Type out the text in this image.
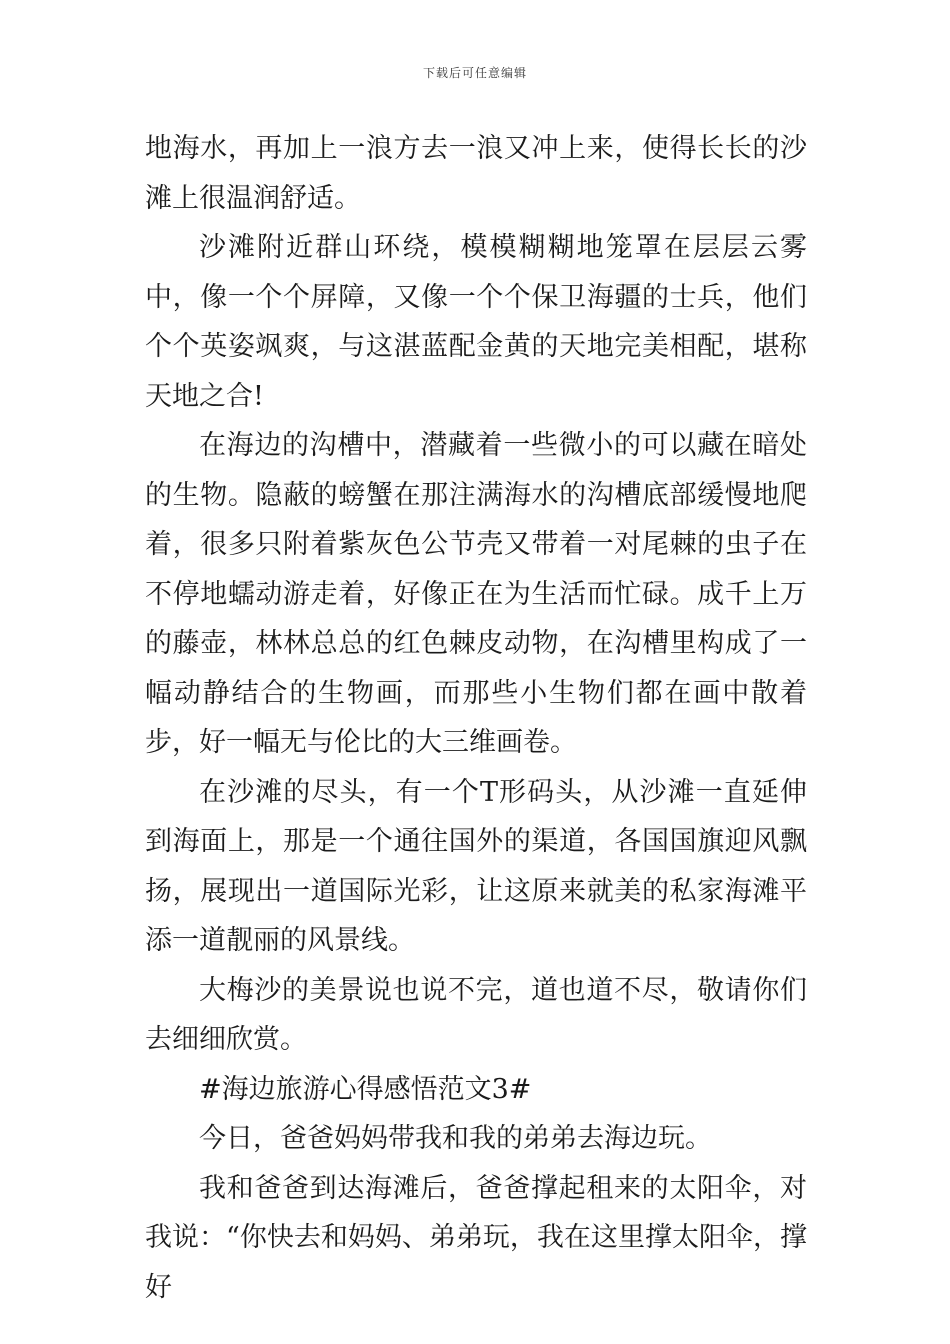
下载后可任意编辑

地海水，再加上一浪方去一浪又冲上来，使得长长的沙滩上很温润舒适。

沙滩附近群山环绕，模模糊糊地笼罩在层层云雾中，像一个个屏障，又像一个个保卫海疆的士兵，他们个个英姿飒爽，与这湛蓝配金黄的天地完美相配，堪称天地之合!

在海边的沟槽中，潜藏着一些微小的可以藏在暗处的生物。隐蔽的螃蟹在那注满海水的沟槽底部缓慢地爬着，很多只附着紫灰色公节壳又带着一对尾棘的虫子在不停地蠕动游走着，好像正在为生活而忙碌。成千上万的藤壶，林林总总的红色棘皮动物，在沟槽里构成了一幅动静结合的生物画，而那些小生物们都在画中散着步，好一幅无与伦比的大三维画卷。

在沙滩的尽头，有一个T形码头，从沙滩一直延伸到海面上，那是一个通往国外的渠道，各国国旗迎风飘扬，展现出一道国际光彩，让这原来就美的私家海滩平添一道靓丽的风景线。

大梅沙的美景说也说不完，道也道不尽，敬请你们去细细欣赏。

#海边旅游心得感悟范文3#

今日，爸爸妈妈带我和我的弟弟去海边玩。

我和爸爸到达海滩后，爸爸撑起租来的太阳伞，对我说：“你快去和妈妈、弟弟玩，我在这里撑太阳伞，撑好
